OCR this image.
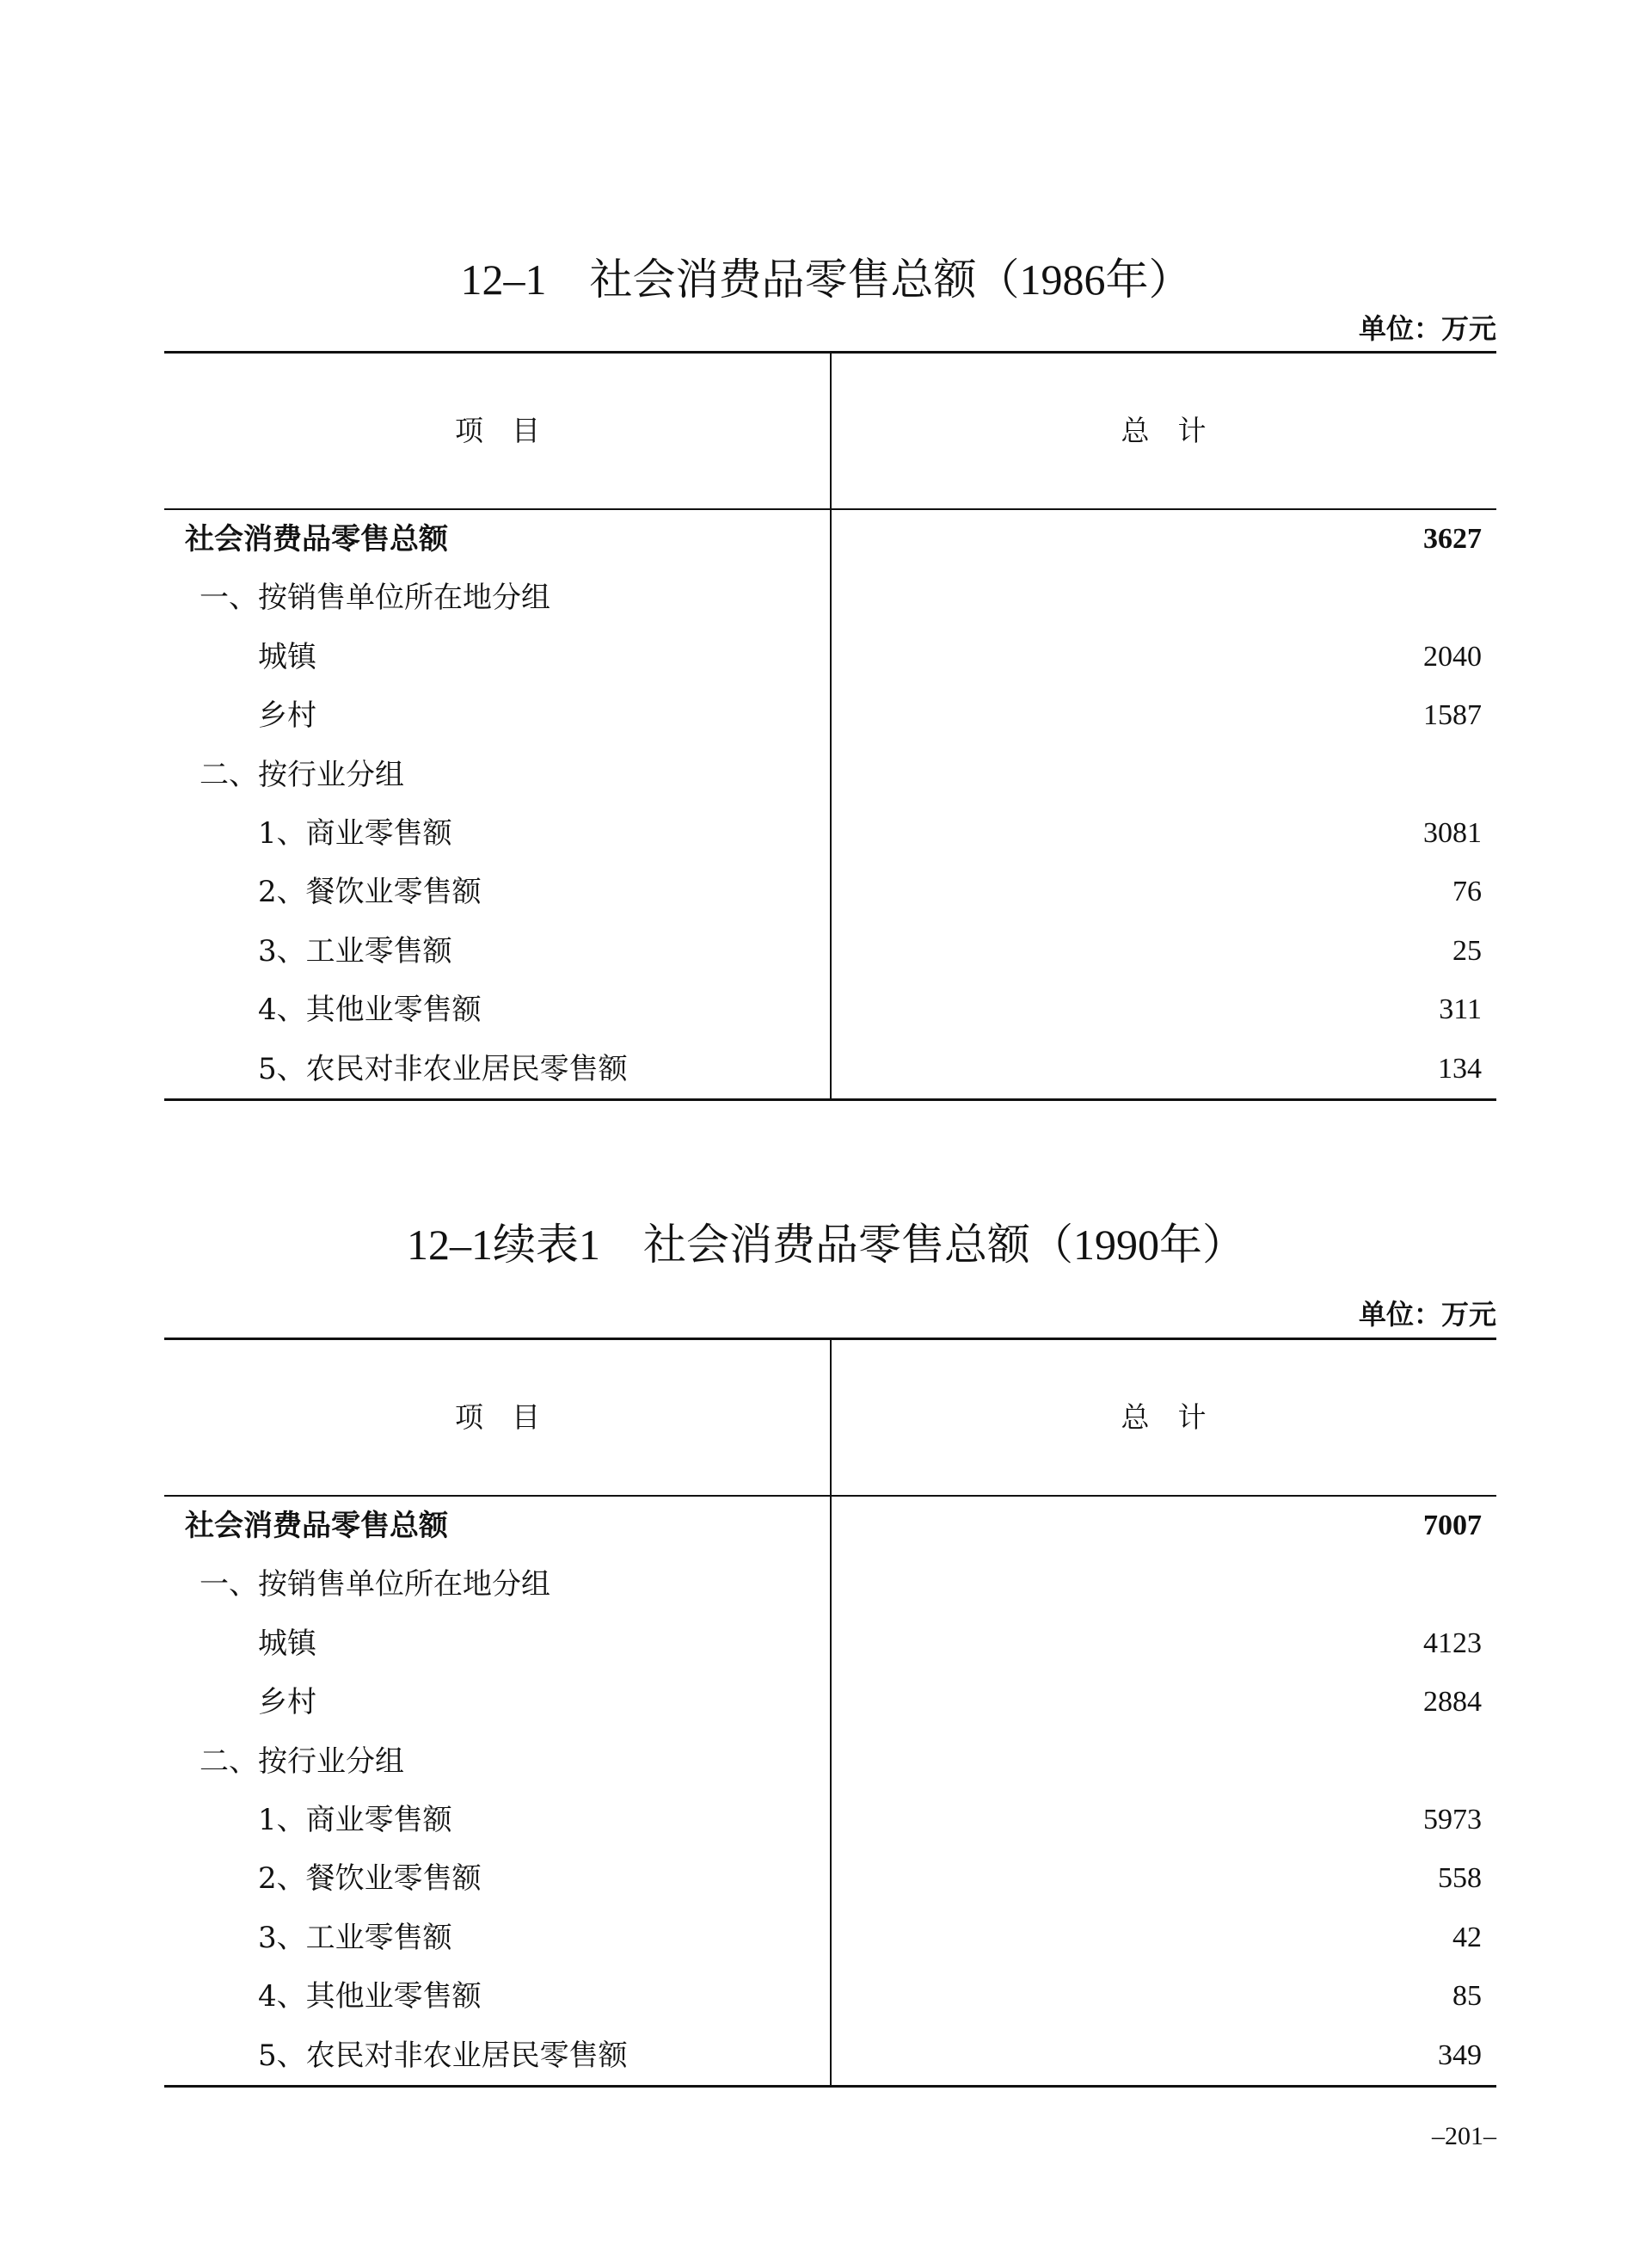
12–1　社会消费品零售总额（1986年）
单位：万元
项　目	总　计
社会消费品零售总额	3627
一、按销售单位所在地分组
城镇	2040
乡村	1587
二、按行业分组
1、商业零售额	3081
2、餐饮业零售额	76
3、工业零售额	25
4、其他业零售额	311
5、农民对非农业居民零售额	134
12–1续表1　社会消费品零售总额（1990年）
单位：万元
项　目	总　计
社会消费品零售总额	7007
一、按销售单位所在地分组
城镇	4123
乡村	2884
二、按行业分组
1、商业零售额	5973
2、餐饮业零售额	558
3、工业零售额	42
4、其他业零售额	85
5、农民对非农业居民零售额	349
–201–
